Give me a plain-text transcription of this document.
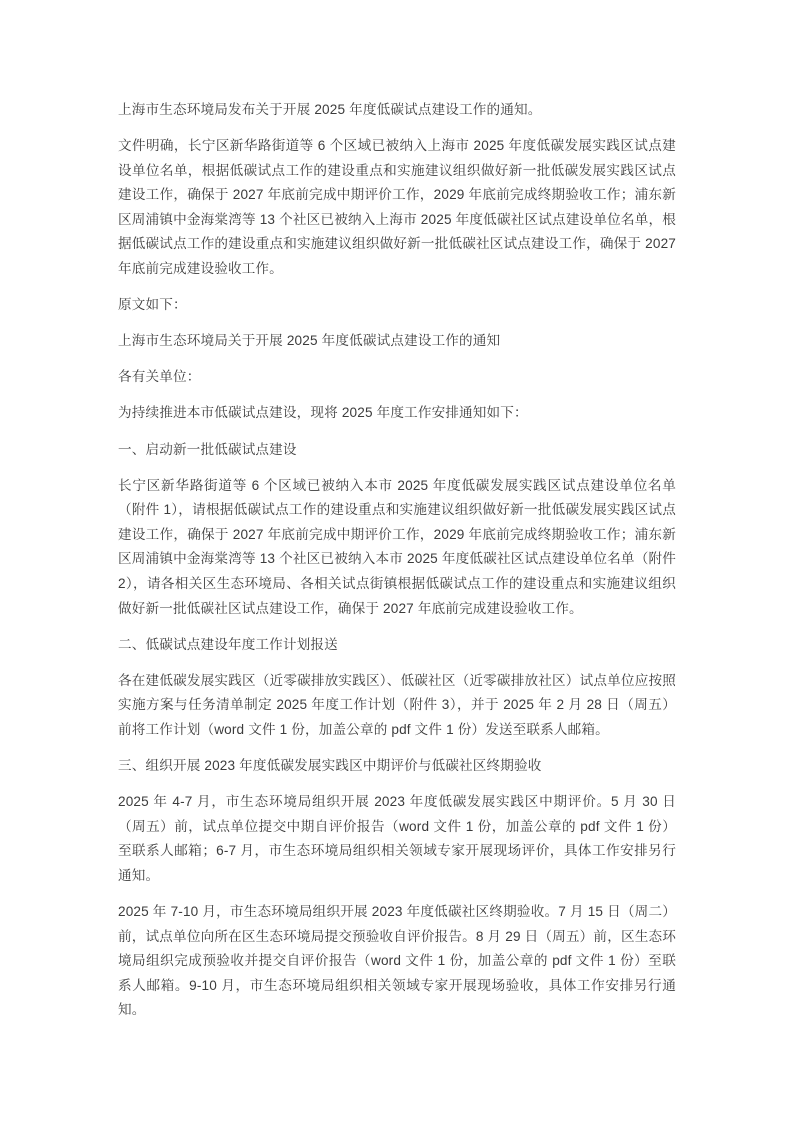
上海市生态环境局发布关于开展 2025 年度低碳试点建设工作的通知。

文件明确，长宁区新华路街道等 6 个区域已被纳入上海市 2025 年度低碳发展实践区试点建设单位名单，根据低碳试点工作的建设重点和实施建议组织做好新一批低碳发展实践区试点建设工作，确保于 2027 年底前完成中期评价工作，2029 年底前完成终期验收工作；浦东新区周浦镇中金海棠湾等 13 个社区已被纳入上海市 2025 年度低碳社区试点建设单位名单，根据低碳试点工作的建设重点和实施建议组织做好新一批低碳社区试点建设工作，确保于 2027 年底前完成建设验收工作。

原文如下：

上海市生态环境局关于开展 2025 年度低碳试点建设工作的通知

各有关单位：

为持续推进本市低碳试点建设，现将 2025 年度工作安排通知如下：

一、启动新一批低碳试点建设

长宁区新华路街道等 6 个区域已被纳入本市 2025 年度低碳发展实践区试点建设单位名单（附件 1），请根据低碳试点工作的建设重点和实施建议组织做好新一批低碳发展实践区试点建设工作，确保于 2027 年底前完成中期评价工作，2029 年底前完成终期验收工作；浦东新区周浦镇中金海棠湾等 13 个社区已被纳入本市 2025 年度低碳社区试点建设单位名单（附件 2），请各相关区生态环境局、各相关试点街镇根据低碳试点工作的建设重点和实施建议组织做好新一批低碳社区试点建设工作，确保于 2027 年底前完成建设验收工作。

二、低碳试点建设年度工作计划报送

各在建低碳发展实践区（近零碳排放实践区）、低碳社区（近零碳排放社区）试点单位应按照实施方案与任务清单制定 2025 年度工作计划（附件 3），并于 2025 年 2 月 28 日（周五）前将工作计划（word 文件 1 份，加盖公章的 pdf 文件 1 份）发送至联系人邮箱。

三、组织开展 2023 年度低碳发展实践区中期评价与低碳社区终期验收

2025 年 4-7 月，市生态环境局组织开展 2023 年度低碳发展实践区中期评价。5 月 30 日（周五）前，试点单位提交中期自评价报告（word 文件 1 份，加盖公章的 pdf 文件 1 份）至联系人邮箱；6-7 月，市生态环境局组织相关领域专家开展现场评价，具体工作安排另行通知。

2025 年 7-10 月，市生态环境局组织开展 2023 年度低碳社区终期验收。7 月 15 日（周二）前，试点单位向所在区生态环境局提交预验收自评价报告。8 月 29 日（周五）前，区生态环境局组织完成预验收并提交自评价报告（word 文件 1 份，加盖公章的 pdf 文件 1 份）至联系人邮箱。9-10 月，市生态环境局组织相关领域专家开展现场验收，具体工作安排另行通知。
